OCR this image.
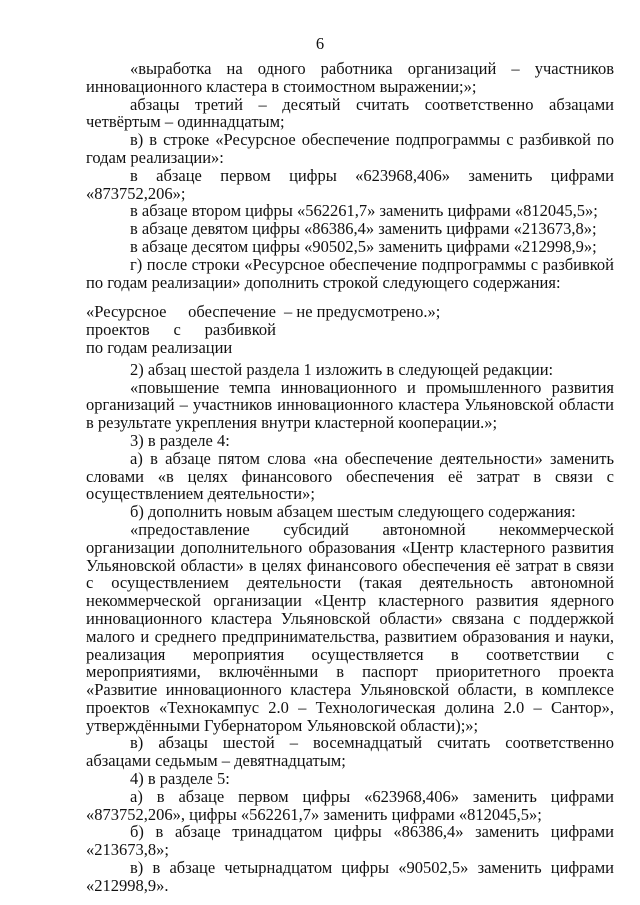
6

«выработка на одного работника организаций – участников инновационного кластера в стоимостном выражении;»;

абзацы третий – десятый считать соответственно абзацами четвёртым – одиннадцатым;

в) в строке «Ресурсное обеспечение подпрограммы с разбивкой по годам реализации»:

в абзаце первом цифры «623968,406» заменить цифрами «873752,206»;

в абзаце втором цифры «562261,7» заменить цифрами «812045,5»;

в абзаце девятом цифры «86386,4» заменить цифрами «213673,8»;

в абзаце десятом цифры «90502,5» заменить цифрами «212998,9»;

г) после строки «Ресурсное обеспечение подпрограммы с разбивкой по годам реализации» дополнить строкой следующего содержания:

«Ресурсное обеспечение проектов с разбивкой
по годам реализации
– не предусмотрено.»;

2) абзац шестой раздела 1 изложить в следующей редакции:

«повышение темпа инновационного и промышленного развития организаций – участников инновационного кластера Ульяновской области в результате укрепления внутри кластерной кооперации.»;

3) в разделе 4:

а) в абзаце пятом слова «на обеспечение деятельности» заменить словами «в целях финансового обеспечения её затрат в связи с осуществлением деятельности»;

б) дополнить новым абзацем шестым следующего содержания:

«предоставление субсидий автономной некоммерческой организации дополнительного образования «Центр кластерного развития Ульяновской области» в целях финансового обеспечения её затрат в связи с осуществлением деятельности (такая деятельность автономной некоммерческой организации «Центр кластерного развития ядерного инновационного кластера Ульяновской области» связана с поддержкой малого и среднего предпринимательства, развитием образования и науки, реализация мероприятия осуществляется в соответствии с мероприятиями, включёнными в паспорт приоритетного проекта «Развитие инновационного кластера Ульяновской области, в комплексе проектов «Технокампус 2.0 – Технологическая долина 2.0 – Сантор», утверждёнными Губернатором Ульяновской области);»;

в) абзацы шестой – восемнадцатый считать соответственно абзацами седьмым – девятнадцатым;

4) в разделе 5:

а) в абзаце первом цифры «623968,406» заменить цифрами «873752,206», цифры «562261,7» заменить цифрами «812045,5»;

б) в абзаце тринадцатом цифры «86386,4» заменить цифрами «213673,8»;

в) в абзаце четырнадцатом цифры «90502,5» заменить цифрами «212998,9».
